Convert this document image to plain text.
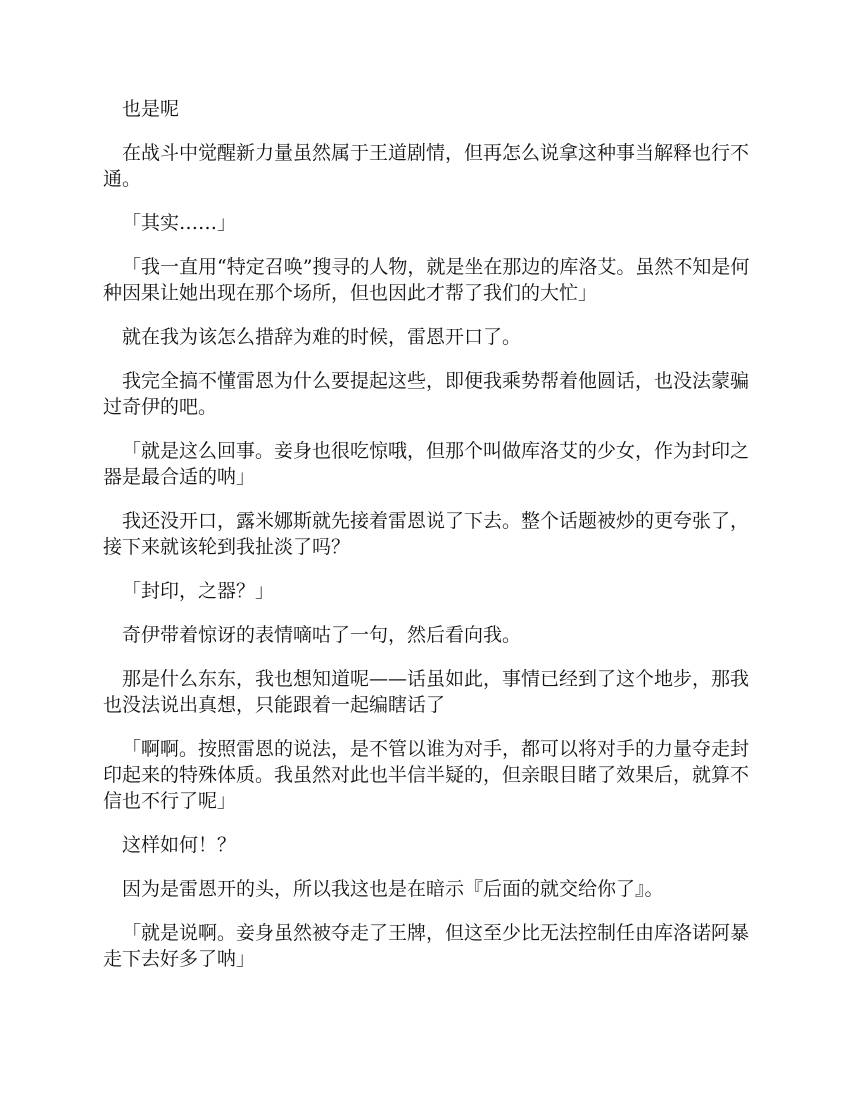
也是呢

在战斗中觉醒新力量虽然属于王道剧情，但再怎么说拿这种事当解释也行不通。

「其实……」

「我一直用“特定召唤”搜寻的人物，就是坐在那边的库洛艾。虽然不知是何种因果让她出现在那个场所，但也因此才帮了我们的大忙」

就在我为该怎么措辞为难的时候，雷恩开口了。

我完全搞不懂雷恩为什么要提起这些，即便我乘势帮着他圆话，也没法蒙骗过奇伊的吧。

「就是这么回事。妾身也很吃惊哦，但那个叫做库洛艾的少女，作为封印之器是最合适的呐」

我还没开口，露米娜斯就先接着雷恩说了下去。整个话题被炒的更夸张了，接下来就该轮到我扯淡了吗？

「封印，之器？」

奇伊带着惊讶的表情嘀咕了一句，然后看向我。

那是什么东东，我也想知道呢——话虽如此，事情已经到了这个地步，那我也没法说出真想，只能跟着一起编瞎话了

「啊啊。按照雷恩的说法，是不管以谁为对手，都可以将对手的力量夺走封印起来的特殊体质。我虽然对此也半信半疑的，但亲眼目睹了效果后，就算不信也不行了呢」

这样如何！？

因为是雷恩开的头，所以我这也是在暗示『后面的就交给你了』。

「就是说啊。妾身虽然被夺走了王牌，但这至少比无法控制任由库洛诺阿暴走下去好多了呐」
